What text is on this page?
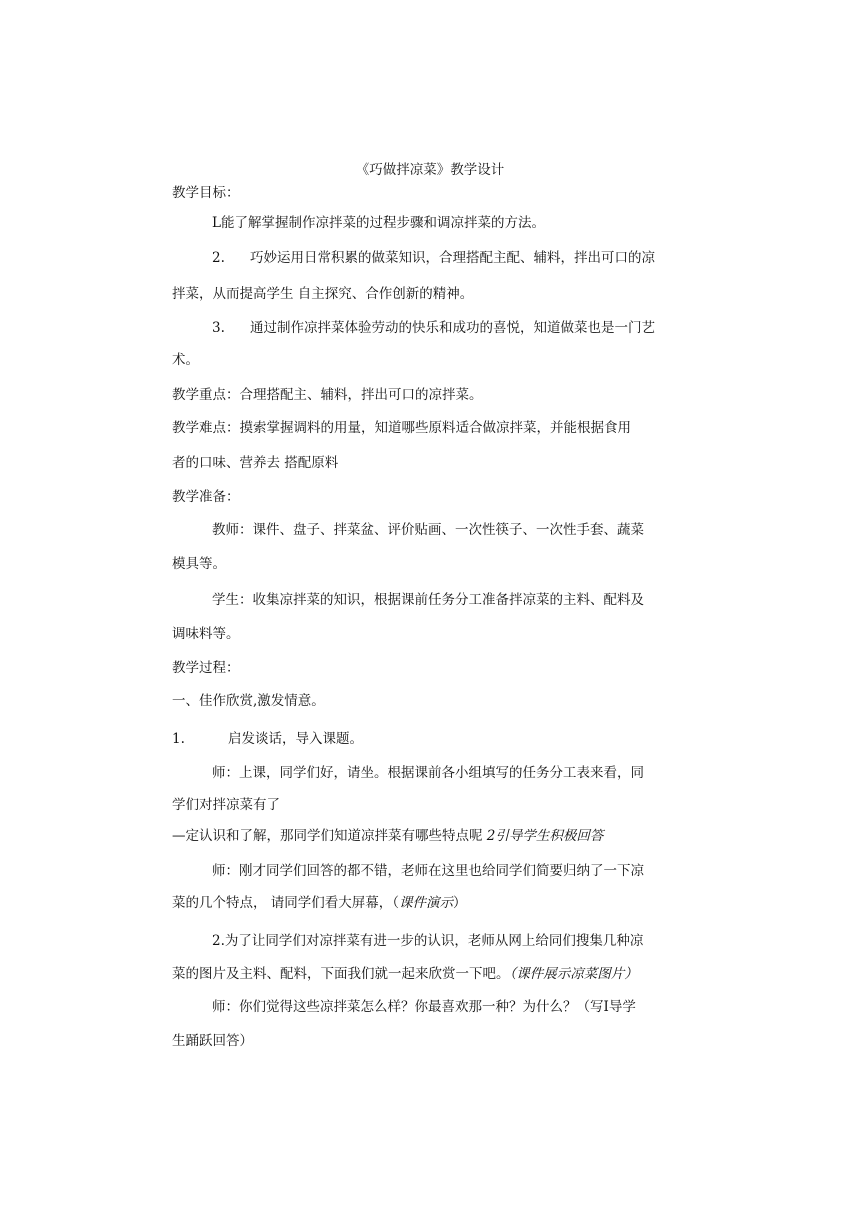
《巧做拌凉菜》教学设计
教学目标：
L能了解掌握制作凉拌菜的过程步骤和调凉拌菜的方法。
2. 巧妙运用日常积累的做菜知识，合理搭配主配、辅料，拌出可口的凉
拌菜，从而提高学生 自主探究、合作创新的精神。
3. 通过制作凉拌菜体验劳动的快乐和成功的喜悦，知道做菜也是一门艺
术。
教学重点：合理搭配主、辅料，拌出可口的凉拌菜。
教学难点：摸索掌握调料的用量，知道哪些原料适合做凉拌菜，并能根据食用
者的口味、营养去 搭配原料
教学准备：
教师：课件、盘子、拌菜盆、评价贴画、一次性筷子、一次性手套、蔬菜
模具等。
学生：收集凉拌菜的知识，根据课前任务分工准备拌凉菜的主料、配料及
调味料等。
教学过程：
一、佳作欣赏,激发情意。
1.	启发谈话，导入课题。
师：上课，同学们好，请坐。根据课前各小组填写的任务分工表来看，同
学们对拌凉菜有了
—定认识和了解，那同学们知道凉拌菜有哪些特点呢 2引导学生积极回答
师：刚才同学们回答的都不错，老师在这里也给同学们简要归纳了一下凉
菜的几个特点， 请同学们看大屏幕，（课件演示）
2.为了让同学们对凉拌菜有进一步的认识，老师从网上给同们搜集几种凉
菜的图片及主料、配料，下面我们就一起来欣赏一下吧。（课件展示凉菜图片）
师：你们觉得这些凉拌菜怎么样？你最喜欢那一种？为什么？（写I导学
生踊跃回答）
